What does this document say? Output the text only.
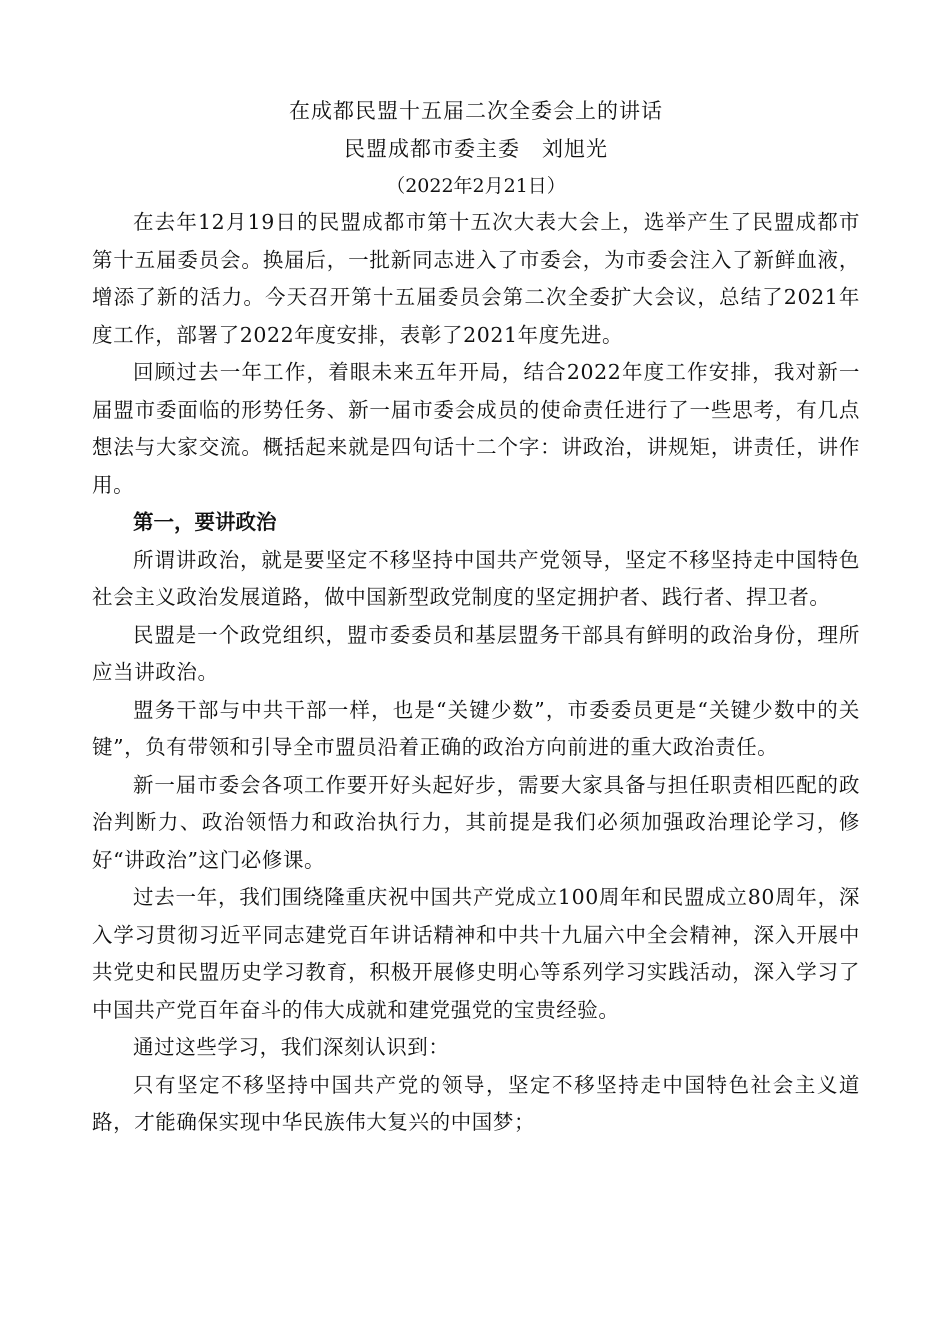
在成都民盟十五届二次全委会上的讲话

民盟成都市委主委　刘旭光

（2022年2月21日）

在去年12月19日的民盟成都市第十五次大表大会上，选举产生了民盟成都市第十五届委员会。换届后，一批新同志进入了市委会，为市委会注入了新鲜血液，增添了新的活力。今天召开第十五届委员会第二次全委扩大会议，总结了2021年度工作，部署了2022年度安排，表彰了2021年度先进。

回顾过去一年工作，着眼未来五年开局，结合2022年度工作安排，我对新一届盟市委面临的形势任务、新一届市委会成员的使命责任进行了一些思考，有几点想法与大家交流。概括起来就是四句话十二个字：讲政治，讲规矩，讲责任，讲作用。

第一，要讲政治

所谓讲政治，就是要坚定不移坚持中国共产党领导，坚定不移坚持走中国特色社会主义政治发展道路，做中国新型政党制度的坚定拥护者、践行者、捍卫者。

民盟是一个政党组织，盟市委委员和基层盟务干部具有鲜明的政治身份，理所应当讲政治。

盟务干部与中共干部一样，也是“关键少数”，市委委员更是“关键少数中的关键”，负有带领和引导全市盟员沿着正确的政治方向前进的重大政治责任。

新一届市委会各项工作要开好头起好步，需要大家具备与担任职责相匹配的政治判断力、政治领悟力和政治执行力，其前提是我们必须加强政治理论学习，修好“讲政治”这门必修课。

过去一年，我们围绕隆重庆祝中国共产党成立100周年和民盟成立80周年，深入学习贯彻习近平同志建党百年讲话精神和中共十九届六中全会精神，深入开展中共党史和民盟历史学习教育，积极开展修史明心等系列学习实践活动，深入学习了中国共产党百年奋斗的伟大成就和建党强党的宝贵经验。

通过这些学习，我们深刻认识到：

只有坚定不移坚持中国共产党的领导，坚定不移坚持走中国特色社会主义道路，才能确保实现中华民族伟大复兴的中国梦；
